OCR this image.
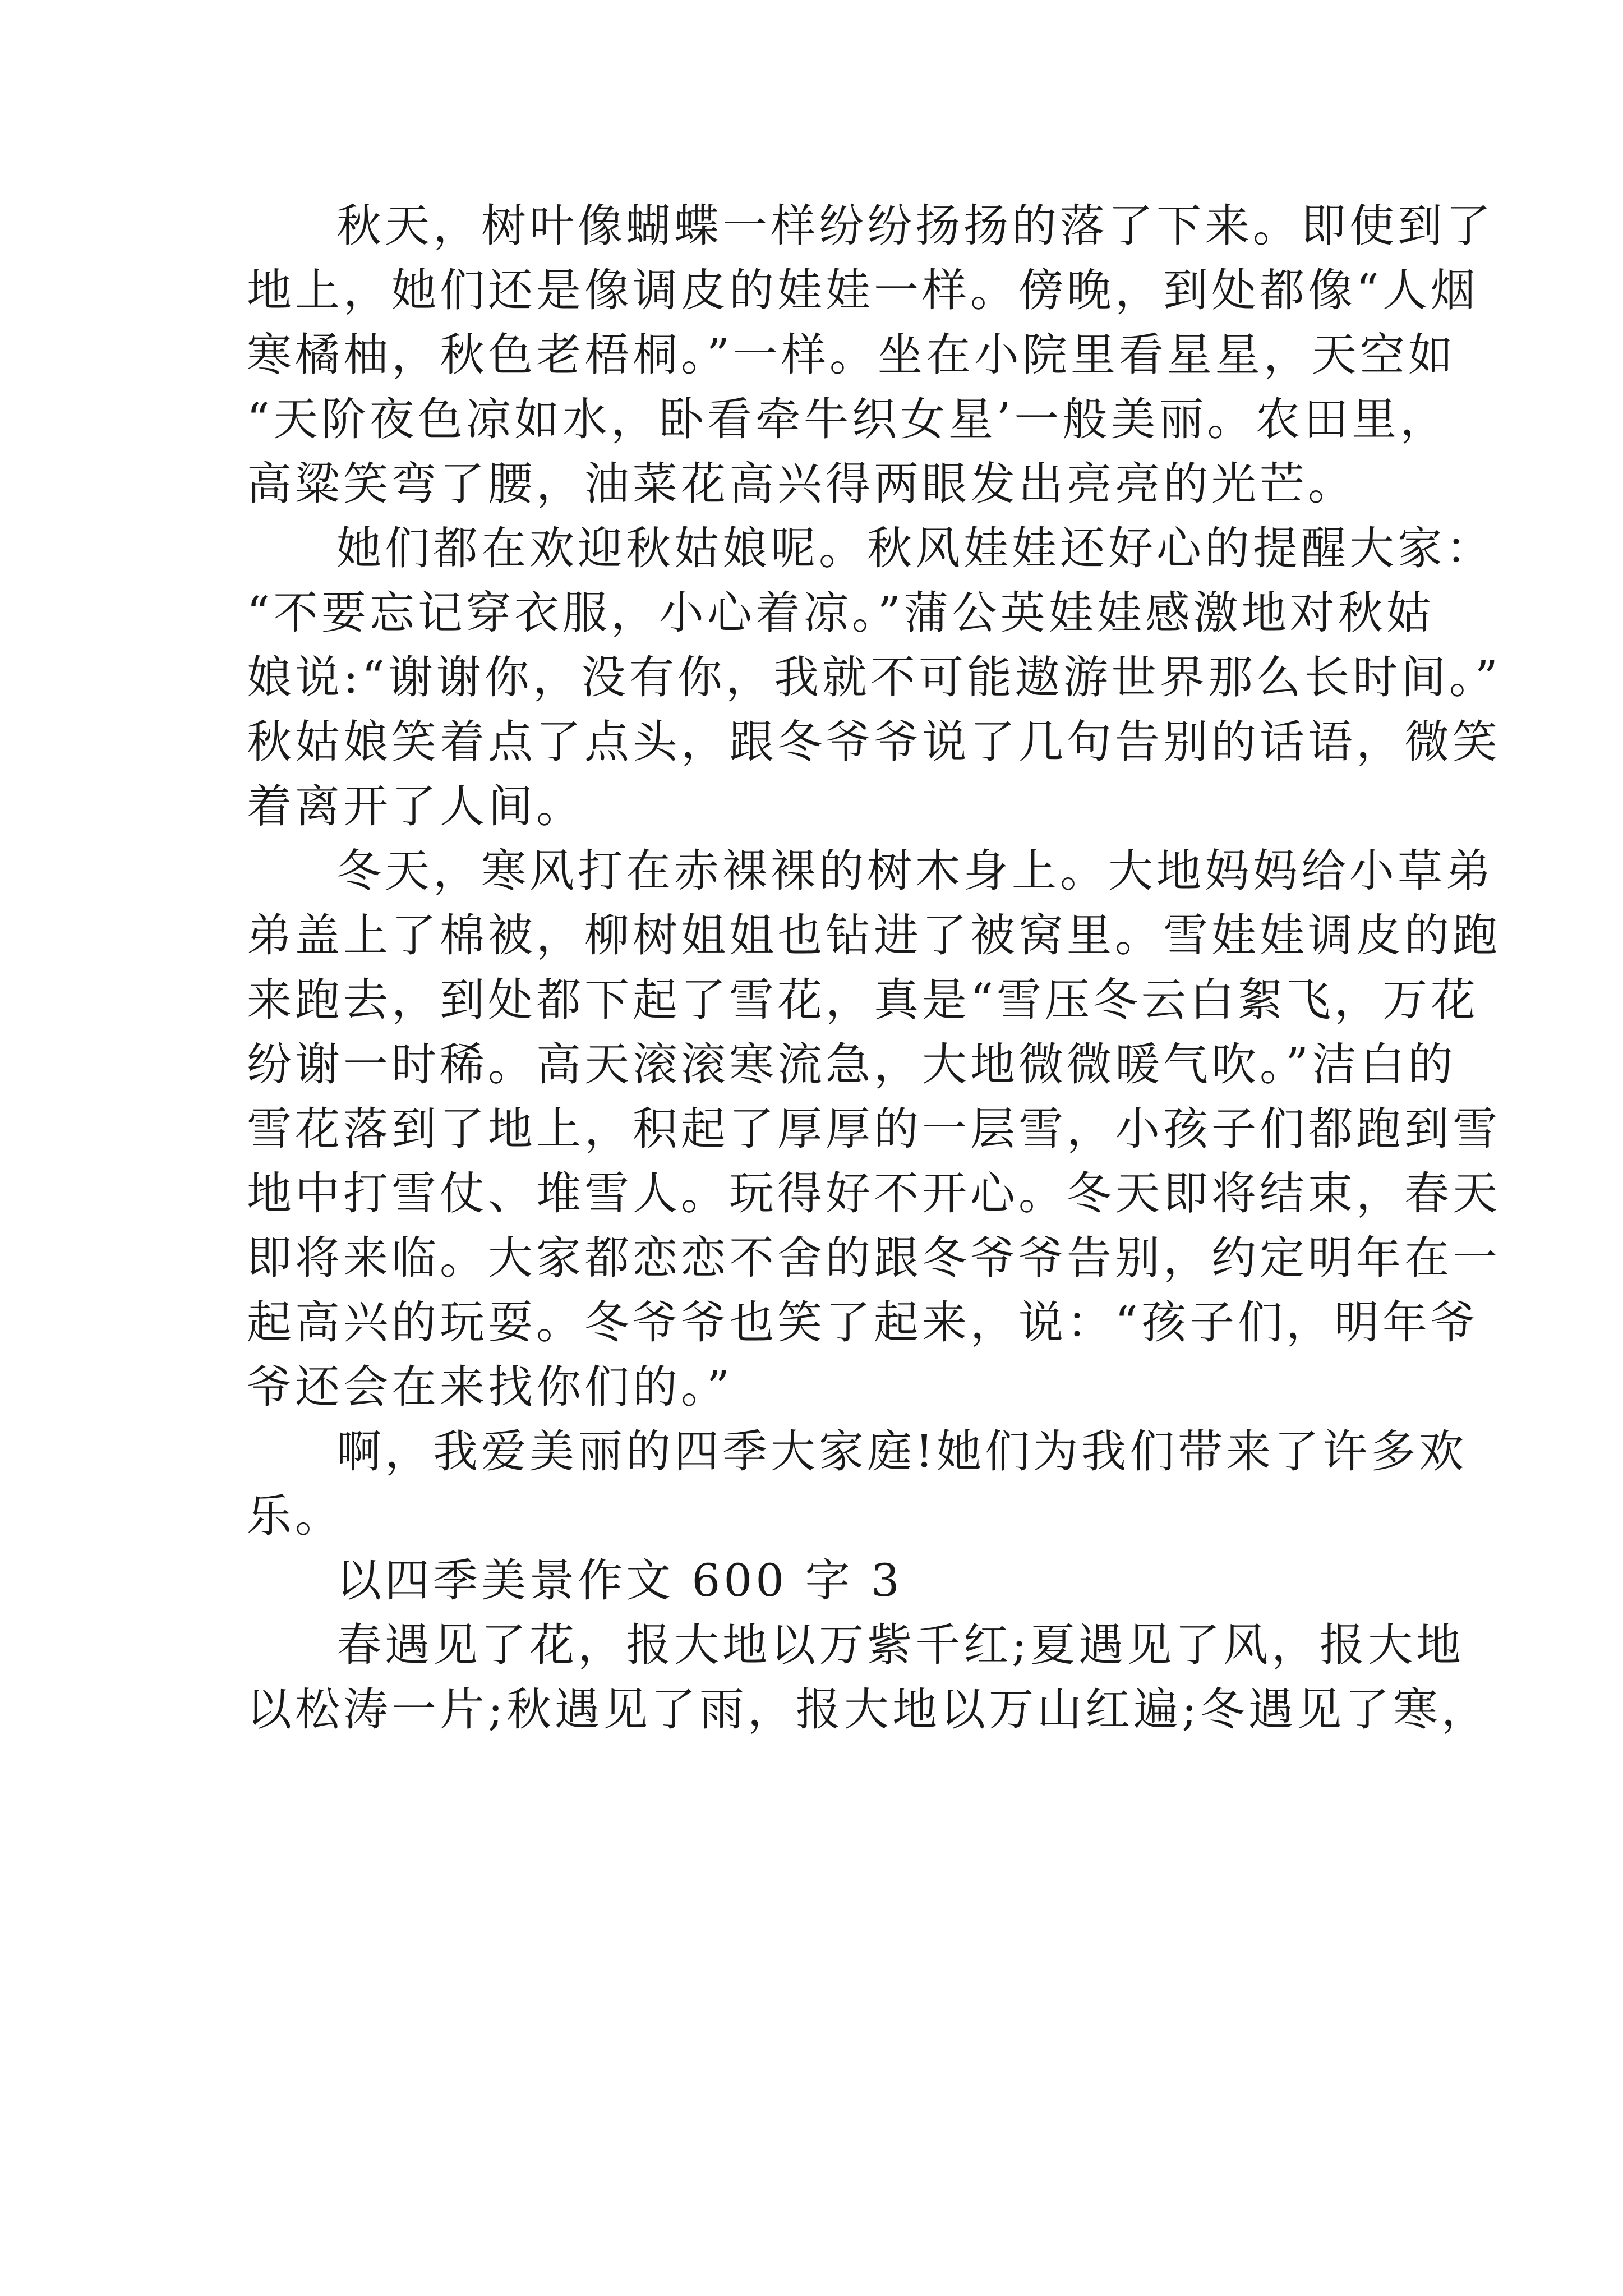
秋天，树叶像蝴蝶一样纷纷扬扬的落了下来。即使到了
地上，她们还是像调皮的娃娃一样。傍晚，到处都像“人烟
寒橘柚，秋色老梧桐。”一样。坐在小院里看星星，天空如
“天阶夜色凉如水，卧看牵牛织女星’一般美丽。农田里，
高粱笑弯了腰，油菜花高兴得两眼发出亮亮的光芒。
她们都在欢迎秋姑娘呢。秋风娃娃还好心的提醒大家：
“不要忘记穿衣服，小心着凉。”蒲公英娃娃感激地对秋姑
娘说:“谢谢你，没有你，我就不可能遨游世界那么长时间。”
秋姑娘笑着点了点头，跟冬爷爷说了几句告别的话语，微笑
着离开了人间。
冬天，寒风打在赤裸裸的树木身上。大地妈妈给小草弟
弟盖上了棉被，柳树姐姐也钻进了被窝里。雪娃娃调皮的跑
来跑去，到处都下起了雪花，真是“雪压冬云白絮飞，万花
纷谢一时稀。高天滚滚寒流急，大地微微暖气吹。”洁白的
雪花落到了地上，积起了厚厚的一层雪，小孩子们都跑到雪
地中打雪仗、堆雪人。玩得好不开心。冬天即将结束，春天
即将来临。大家都恋恋不舍的跟冬爷爷告别，约定明年在一
起高兴的玩耍。冬爷爷也笑了起来，说：“孩子们，明年爷
爷还会在来找你们的。”
啊，我爱美丽的四季大家庭!她们为我们带来了许多欢
乐。
以四季美景作文 600 字 3
春遇见了花，报大地以万紫千红;夏遇见了风，报大地
以松涛一片;秋遇见了雨，报大地以万山红遍;冬遇见了寒，
